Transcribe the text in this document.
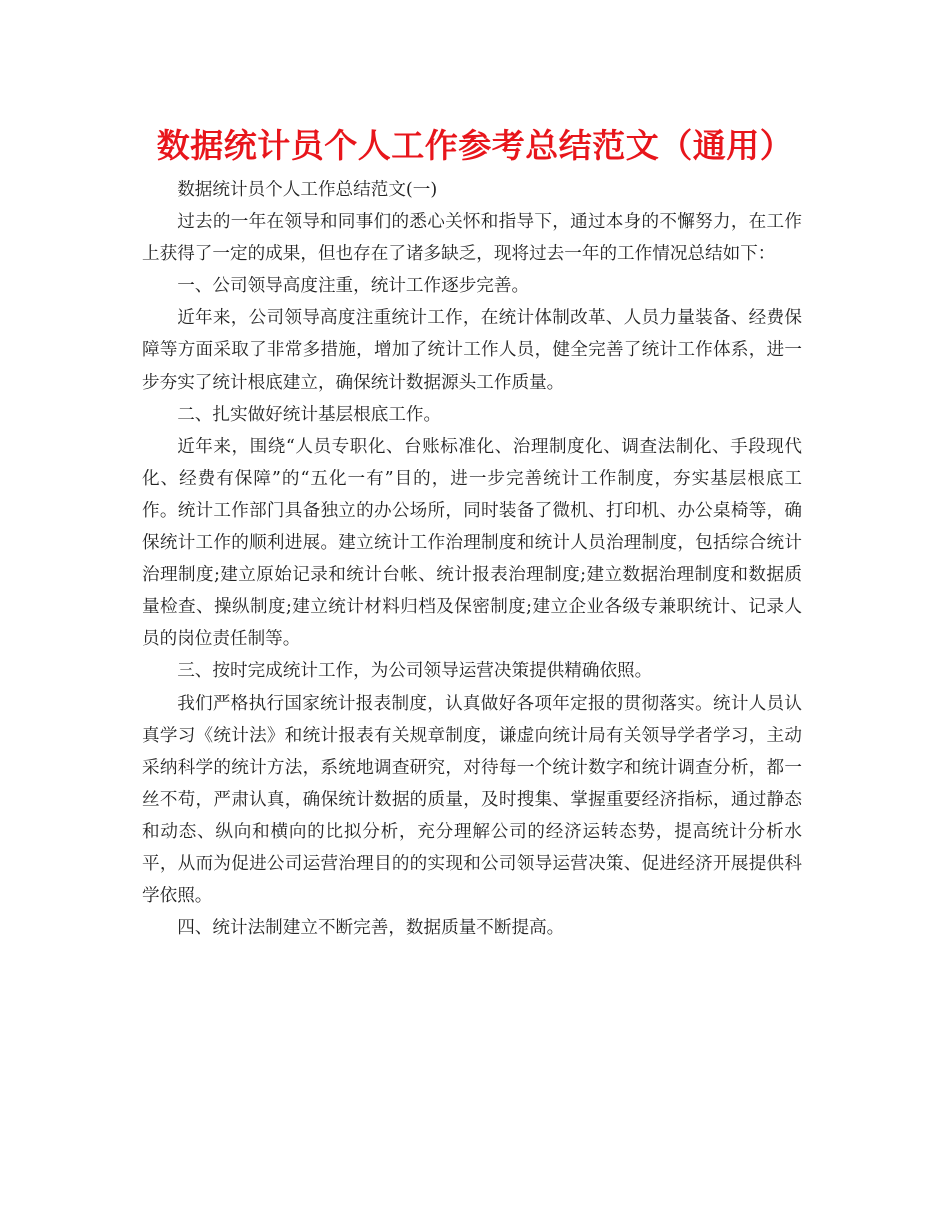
数据统计员个人工作参考总结范文（通用）

数据统计员个人工作总结范文(一)

过去的一年在领导和同事们的悉心关怀和指导下，通过本身的不懈努力，在工作上获得了一定的成果，但也存在了诸多缺乏，现将过去一年的工作情况总结如下：

一、公司领导高度注重，统计工作逐步完善。

近年来，公司领导高度注重统计工作，在统计体制改革、人员力量装备、经费保障等方面采取了非常多措施，增加了统计工作人员，健全完善了统计工作体系，进一步夯实了统计根底建立，确保统计数据源头工作质量。

二、扎实做好统计基层根底工作。

近年来，围绕“人员专职化、台账标准化、治理制度化、调查法制化、手段现代化、经费有保障”的“五化一有”目的，进一步完善统计工作制度，夯实基层根底工作。统计工作部门具备独立的办公场所，同时装备了微机、打印机、办公桌椅等，确保统计工作的顺利进展。建立统计工作治理制度和统计人员治理制度，包括综合统计治理制度;建立原始记录和统计台帐、统计报表治理制度;建立数据治理制度和数据质量检查、操纵制度;建立统计材料归档及保密制度;建立企业各级专兼职统计、记录人员的岗位责任制等。

三、按时完成统计工作，为公司领导运营决策提供精确依照。

我们严格执行国家统计报表制度，认真做好各项年定报的贯彻落实。统计人员认真学习《统计法》和统计报表有关规章制度，谦虚向统计局有关领导学者学习，主动采纳科学的统计方法，系统地调查研究，对待每一个统计数字和统计调查分析，都一丝不苟，严肃认真，确保统计数据的质量，及时搜集、掌握重要经济指标，通过静态和动态、纵向和横向的比拟分析，充分理解公司的经济运转态势，提高统计分析水平，从而为促进公司运营治理目的的实现和公司领导运营决策、促进经济开展提供科学依照。

四、统计法制建立不断完善，数据质量不断提高。
